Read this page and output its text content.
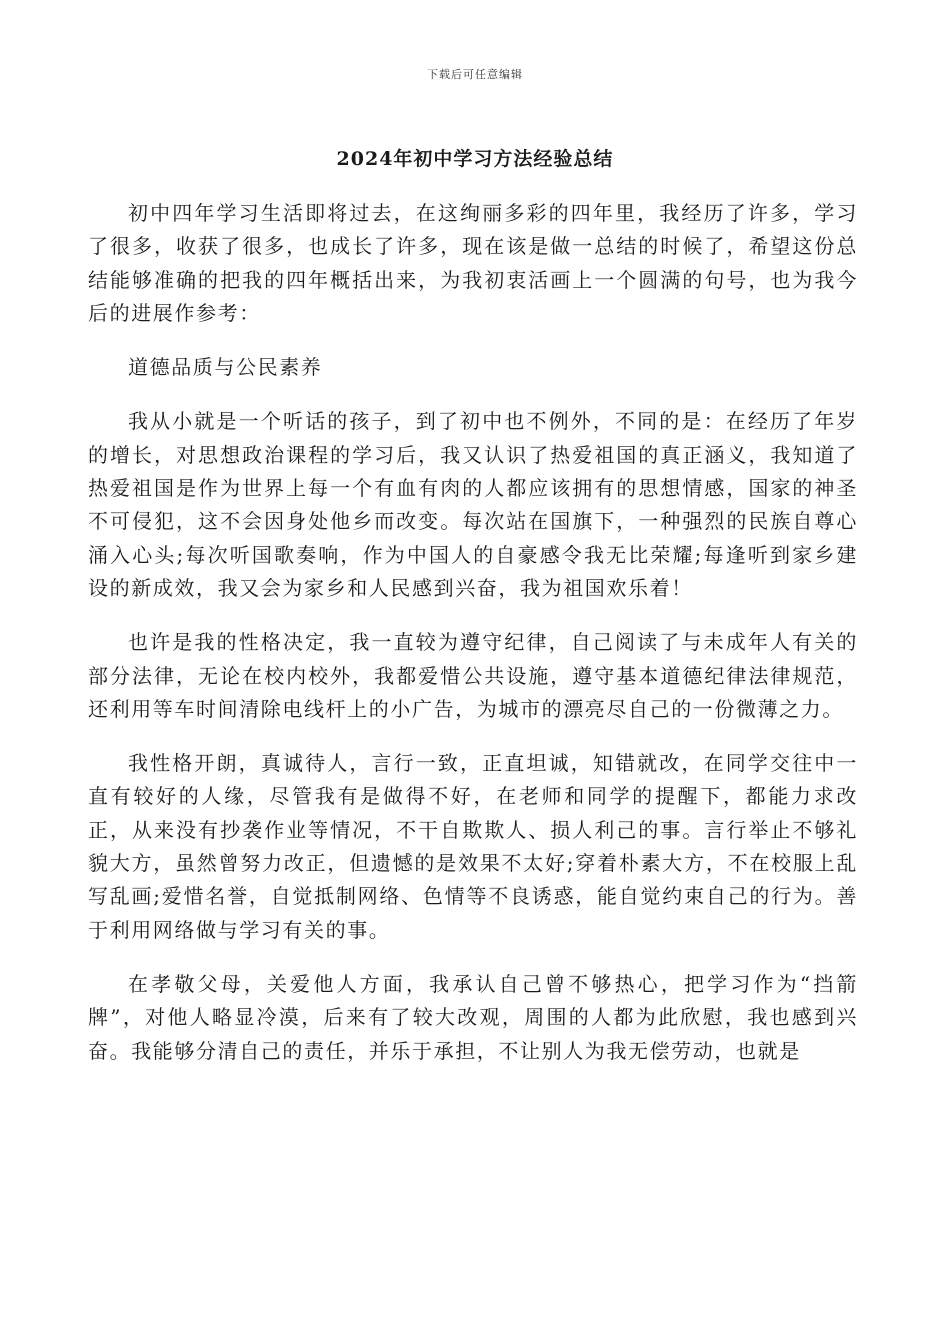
下载后可任意编辑
2024年初中学习方法经验总结

初中四年学习生活即将过去，在这绚丽多彩的四年里，我经历了许多，学习了很多，收获了很多，也成长了许多，现在该是做一总结的时候了，希望这份总结能够准确的把我的四年概括出来，为我初衷活画上一个圆满的句号，也为我今后的进展作参考：

道德品质与公民素养

我从小就是一个听话的孩子，到了初中也不例外，不同的是：在经历了年岁的增长，对思想政治课程的学习后，我又认识了热爱祖国的真正涵义，我知道了热爱祖国是作为世界上每一个有血有肉的人都应该拥有的思想情感，国家的神圣不可侵犯，这不会因身处他乡而改变。每次站在国旗下，一种强烈的民族自尊心涌入心头;每次听国歌奏响，作为中国人的自豪感令我无比荣耀;每逢听到家乡建设的新成效，我又会为家乡和人民感到兴奋，我为祖国欢乐着！

也许是我的性格决定，我一直较为遵守纪律，自己阅读了与未成年人有关的部分法律，无论在校内校外，我都爱惜公共设施，遵守基本道德纪律法律规范，还利用等车时间清除电线杆上的小广告，为城市的漂亮尽自己的一份微薄之力。

我性格开朗，真诚待人，言行一致，正直坦诚，知错就改，在同学交往中一直有较好的人缘，尽管我有是做得不好，在老师和同学的提醒下，都能力求改正，从来没有抄袭作业等情况，不干自欺欺人、损人利己的事。言行举止不够礼貌大方，虽然曾努力改正，但遗憾的是效果不太好;穿着朴素大方，不在校服上乱写乱画;爱惜名誉，自觉抵制网络、色情等不良诱惑，能自觉约束自己的行为。善于利用网络做与学习有关的事。

在孝敬父母，关爱他人方面，我承认自己曾不够热心，把学习作为“挡箭牌”，对他人略显冷漠，后来有了较大改观，周围的人都为此欣慰，我也感到兴奋。我能够分清自己的责任，并乐于承担，不让别人为我无偿劳动，也就是
